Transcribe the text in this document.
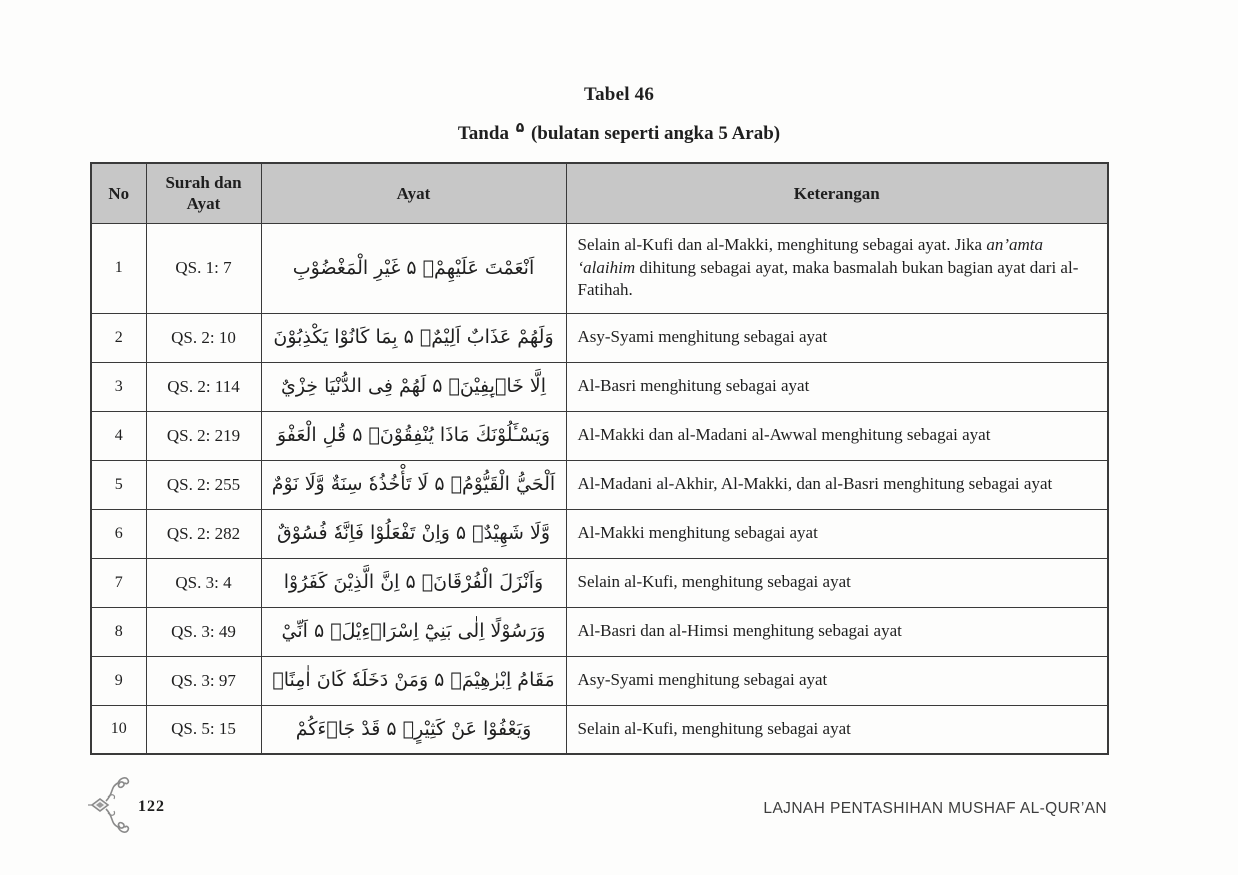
Tabel 46
Tanda $^۵$ (bulatan seperti angka 5 Arab)
No	Surah dan Ayat	Ayat	Keterangan
1	QS. 1: 7	اَنْعَمْتَ عَلَيْهِمْۙ ۵ غَيْرِ الْمَغْضُوْبِ	Selain al-Kufi dan al-Makki, menghitung sebagai ayat. Jika an’amta ‘alaihim dihitung sebagai ayat, maka basmalah bukan bagian ayat dari al-Fatihah.
2	QS. 2: 10	وَلَهُمْ عَذَابٌ اَلِيْمٌۙ ۵ بِمَا كَانُوْا يَكْذِبُوْنَ	Asy-Syami menghitung sebagai ayat
3	QS. 2: 114	اِلَّا خَاۤىِٕفِيْنَۗ ۵ لَهُمْ فِى الدُّنْيَا خِزْيٌ	Al-Basri menghitung sebagai ayat
4	QS. 2: 219	وَيَسْـَٔلُوْنَكَ مَاذَا يُنْفِقُوْنَۗ ۵ قُلِ الْعَفْوَ	Al-Makki dan al-Madani al-Awwal menghitung sebagai ayat
5	QS. 2: 255	اَلْحَيُّ الْقَيُّوْمُۚ ۵ لَا تَأْخُذُهٗ سِنَةٌ وَّلَا نَوْمٌ	Al-Madani al-Akhir, Al-Makki, dan al-Basri menghitung sebagai ayat
6	QS. 2: 282	وَّلَا شَهِيْدٌۗ ۵ وَاِنْ تَفْعَلُوْا فَاِنَّهٗ فُسُوْقٌ	Al-Makki menghitung sebagai ayat
7	QS. 3: 4	وَاَنْزَلَ الْفُرْقَانَۗ ۵ اِنَّ الَّذِيْنَ كَفَرُوْا	Selain al-Kufi, menghitung sebagai ayat
8	QS. 3: 49	وَرَسُوْلًا اِلٰى بَنِيْٓ اِسْرَاۤءِيْلَۙ ۵ اَنِّيْ	Al-Basri dan al-Himsi menghitung sebagai ayat
9	QS. 3: 97	مَقَامُ اِبْرٰهِيْمَۚ ۵ وَمَنْ دَخَلَهٗ كَانَ اٰمِنًاۗ	Asy-Syami menghitung sebagai ayat
10	QS. 5: 15	وَيَعْفُوْا عَنْ كَثِيْرٍۗ ۵ قَدْ جَاۤءَكُمْ	Selain al-Kufi, menghitung sebagai ayat
122	LAJNAH PENTASHIHAN MUSHAF AL-QUR’AN
